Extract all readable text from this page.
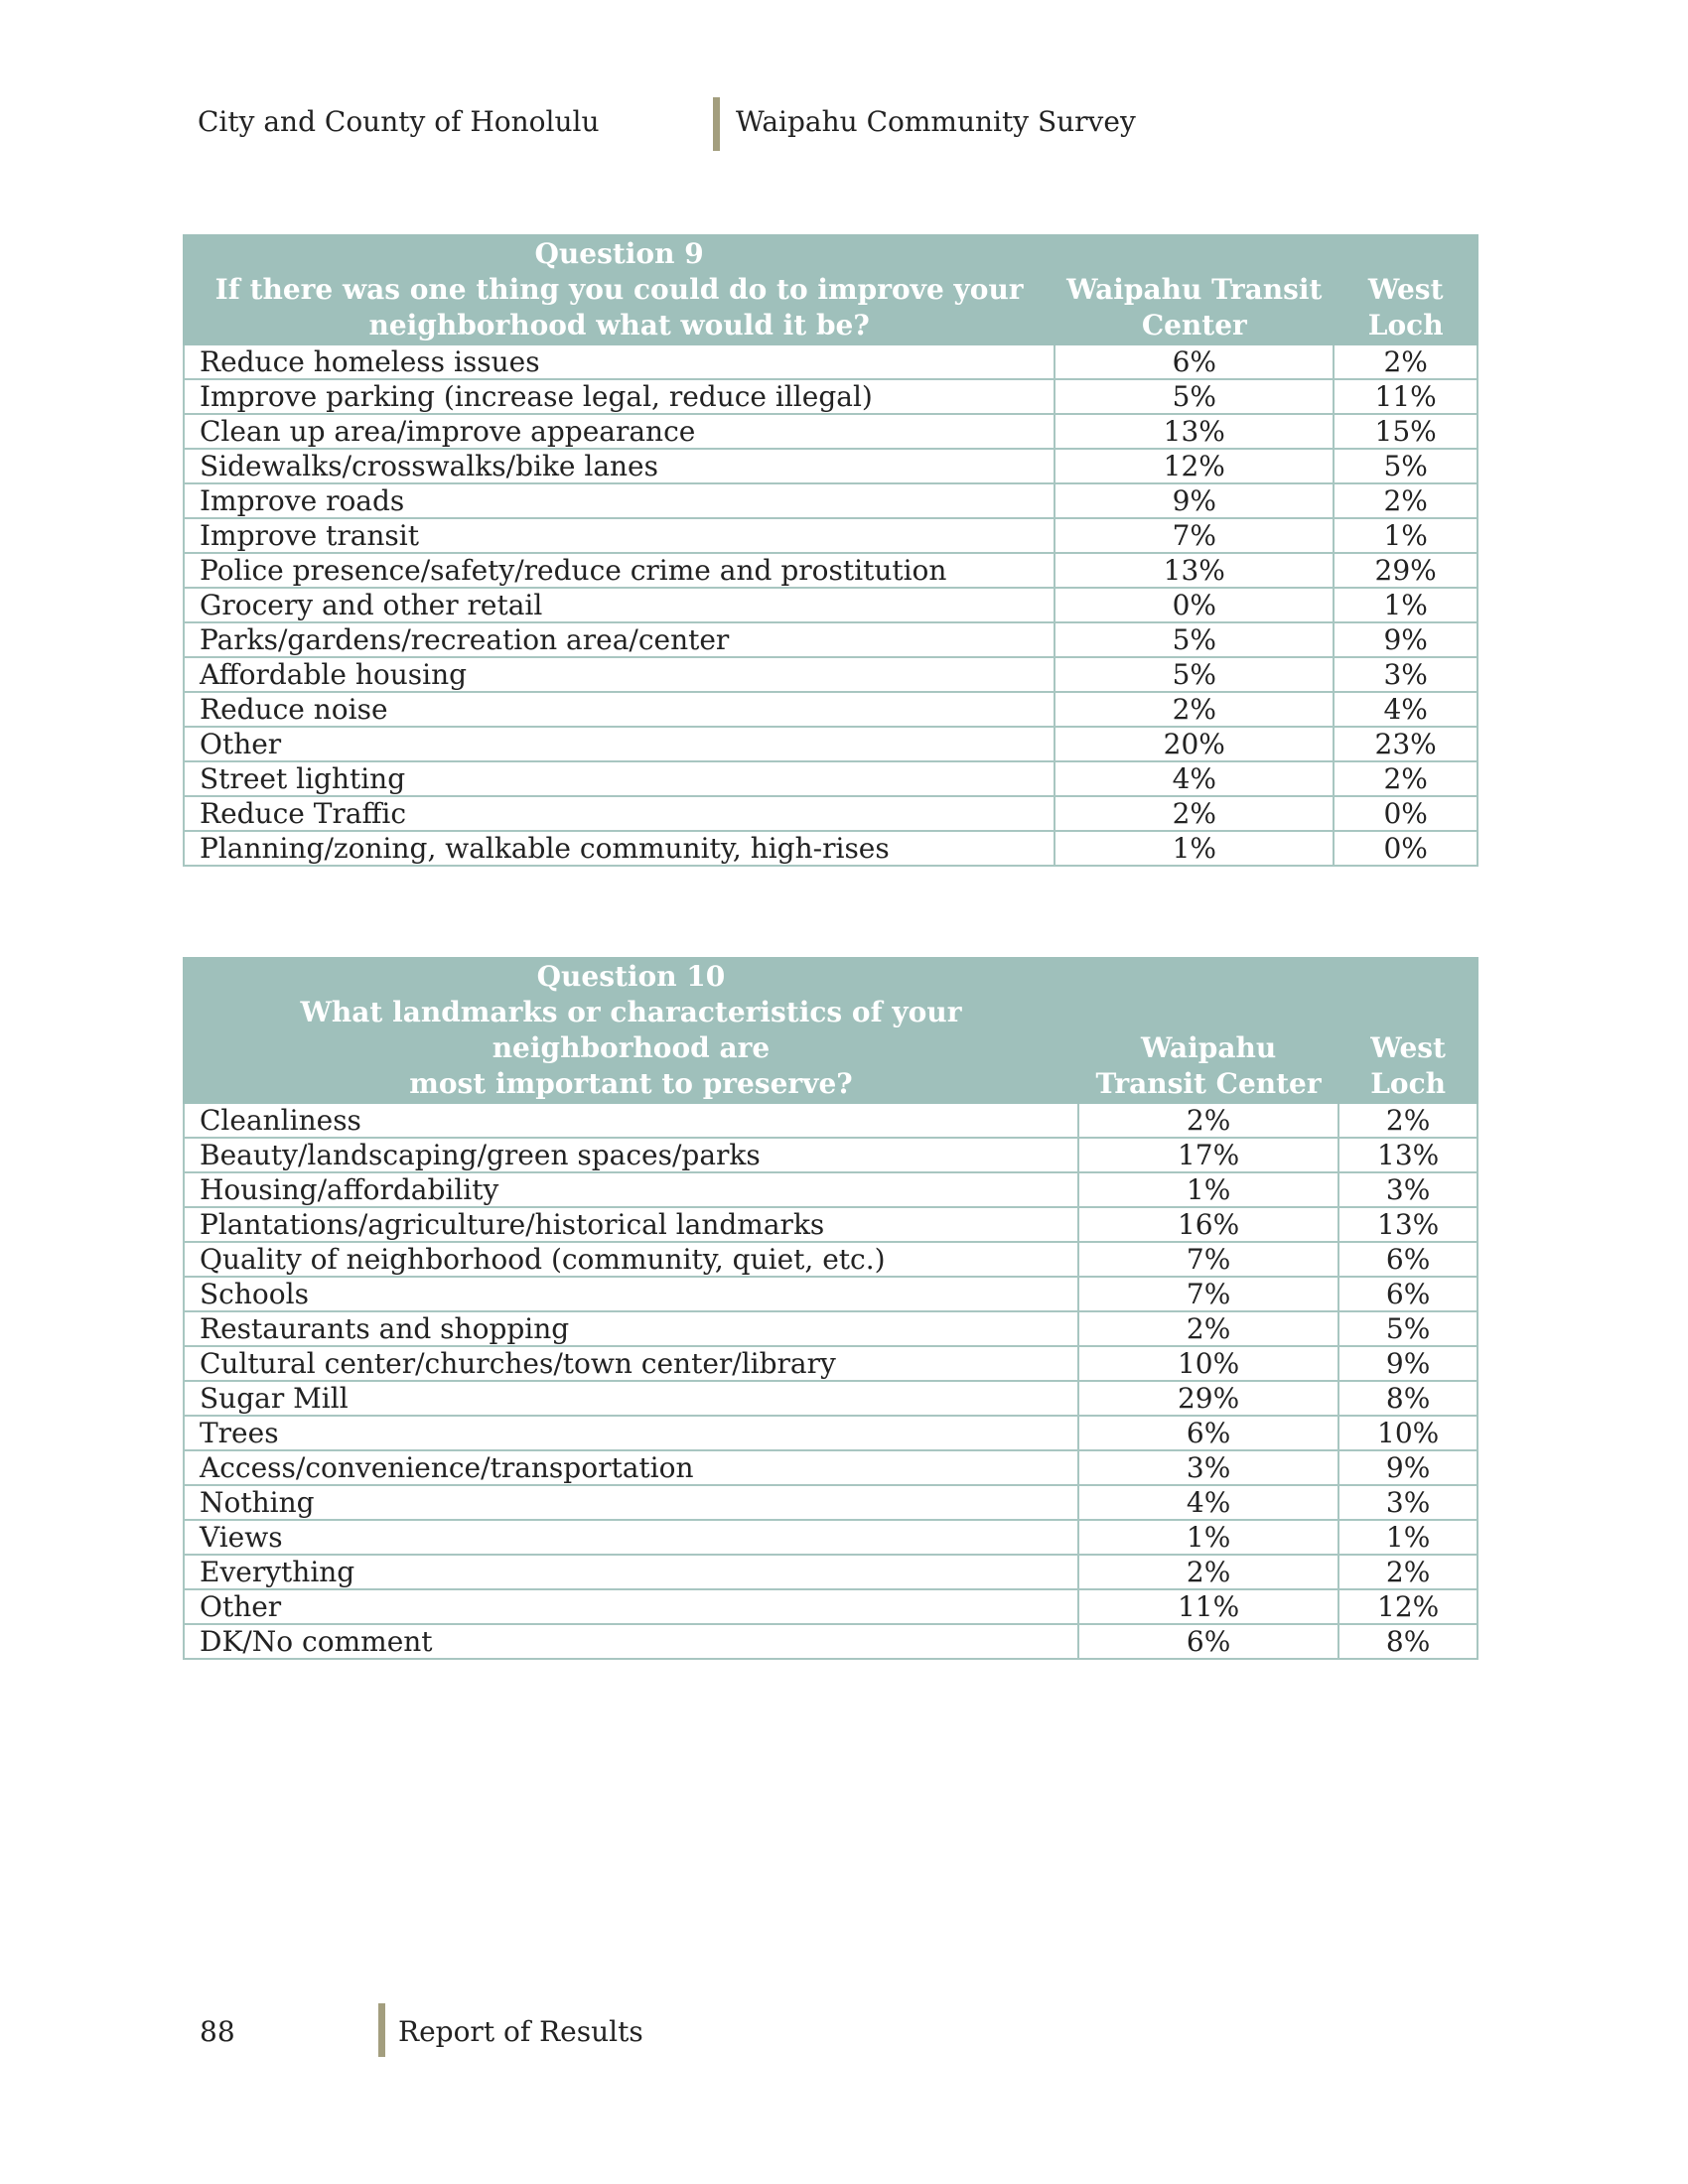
City and County of Honolulu	Waipahu Community Survey
Question 9
If there was one thing you could do to improve your
neighborhood what would it be?	Waipahu Transit
Center	West
Loch

Reduce homeless issues	6%	2%
Improve parking (increase legal, reduce illegal)	5%	11%
Clean up area/improve appearance	13%	15%
Sidewalks/crosswalks/bike lanes	12%	5%
Improve roads	9%	2%
Improve transit	7%	1%
Police presence/safety/reduce crime and prostitution	13%	29%
Grocery and other retail	0%	1%
Parks/gardens/recreation area/center	5%	9%
Affordable housing	5%	3%
Reduce noise	2%	4%
Other	20%	23%
Street lighting	4%	2%
Reduce Traffic	2%	0%
Planning/zoning, walkable community, high-rises	1%	0%
Question 10
What landmarks or characteristics of your neighborhood are
most important to preserve?	Waipahu
Transit Center	West
Loch

Cleanliness	2%	2%
Beauty/landscaping/green spaces/parks	17%	13%
Housing/affordability	1%	3%
Plantations/agriculture/historical landmarks	16%	13%
Quality of neighborhood (community, quiet, etc.)	7%	6%
Schools	7%	6%
Restaurants and shopping	2%	5%
Cultural center/churches/town center/library	10%	9%
Sugar Mill	29%	8%
Trees	6%	10%
Access/convenience/transportation	3%	9%
Nothing	4%	3%
Views	1%	1%
Everything	2%	2%
Other	11%	12%
DK/No comment	6%	8%
88	Report of Results
